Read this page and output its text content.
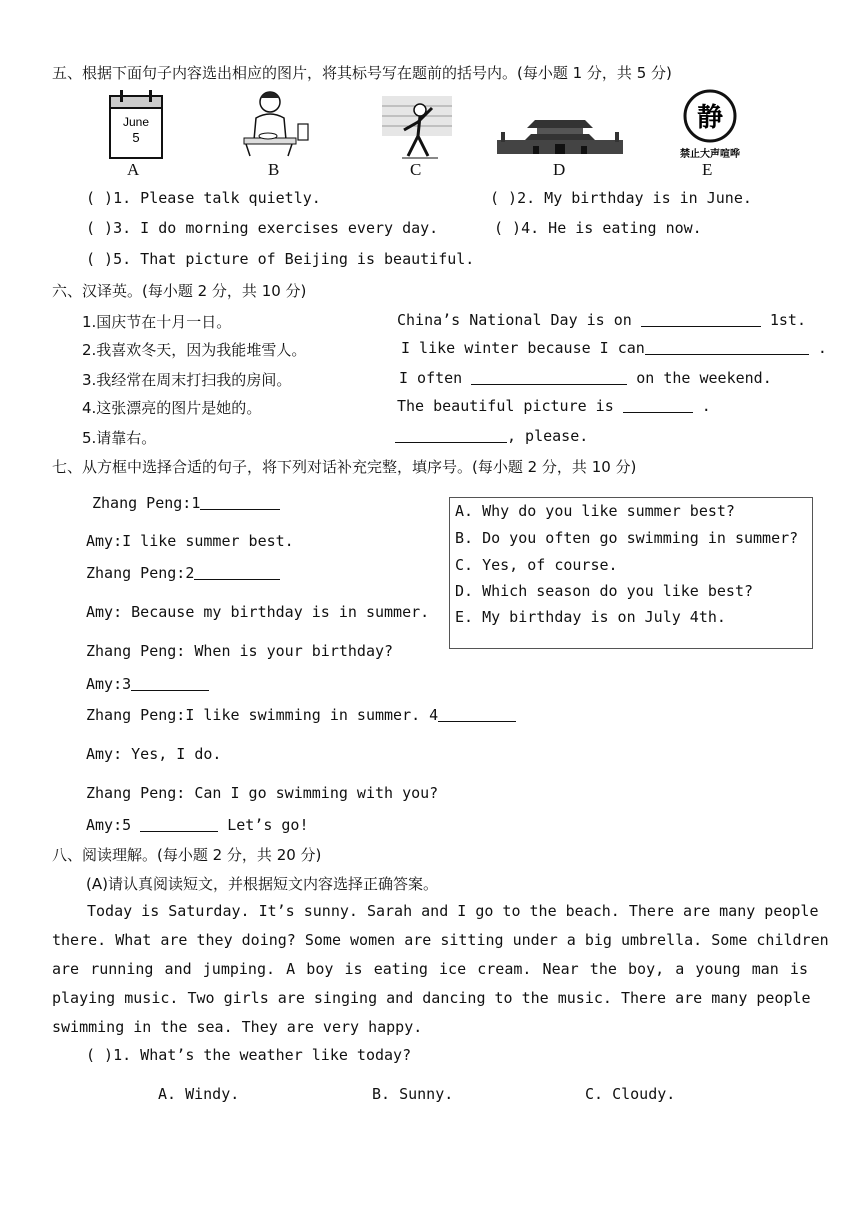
五、根据下面句子内容选出相应的图片，将其标号写在题前的括号内。(每小题 1 分，共 5 分)
June
5
A	B	C	D
静
禁止大声喧哗
E
( )1. Please talk quietly.	( )2. My birthday is in June.
( )3. I do morning exercises every day.	( )4. He is eating now.
( )5. That picture of Beijing is beautiful.
六、汉译英。(每小题 2 分，共 10 分)
1.国庆节在十月一日。	China’s National Day is on	1st.
2.我喜欢冬天，因为我能堆雪人。	I like winter because I can	.
3.我经常在周末打扫我的房间。	I often	on the weekend.
4.这张漂亮的图片是她的。	The beautiful picture is	.
5.请靠右。	, please.
七、从方框中选择合适的句子，将下列对话补充完整，填序号。(每小题 2 分，共 10 分)
Zhang Peng:1
Amy:I like summer best.
Zhang Peng:2
Amy: Because my birthday is in summer.
Zhang Peng: When is your birthday?
Amy:3
Zhang Peng:I like swimming in summer. 4
Amy: Yes, I do.
Zhang Peng: Can I go swimming with you?
Amy:5	Let’s go!
A. Why do you like summer best?
B. Do you often go swimming in summer?
C. Yes, of course.
D. Which season do you like best?
E. My birthday is on July 4th.
八、阅读理解。(每小题 2 分，共 20 分)
(A)请认真阅读短文，并根据短文内容选择正确答案。
Today is Saturday. It’s sunny. Sarah and I go to the beach. There are many people
there. What are they doing? Some women are sitting under a big umbrella. Some children
are running and jumping. A boy is eating ice cream. Near the boy, a young man is
playing music. Two girls are singing and dancing to the music. There are many people
swimming in the sea. They are very happy.
( )1. What’s the weather like today?
A. Windy.	B. Sunny.	C. Cloudy.
